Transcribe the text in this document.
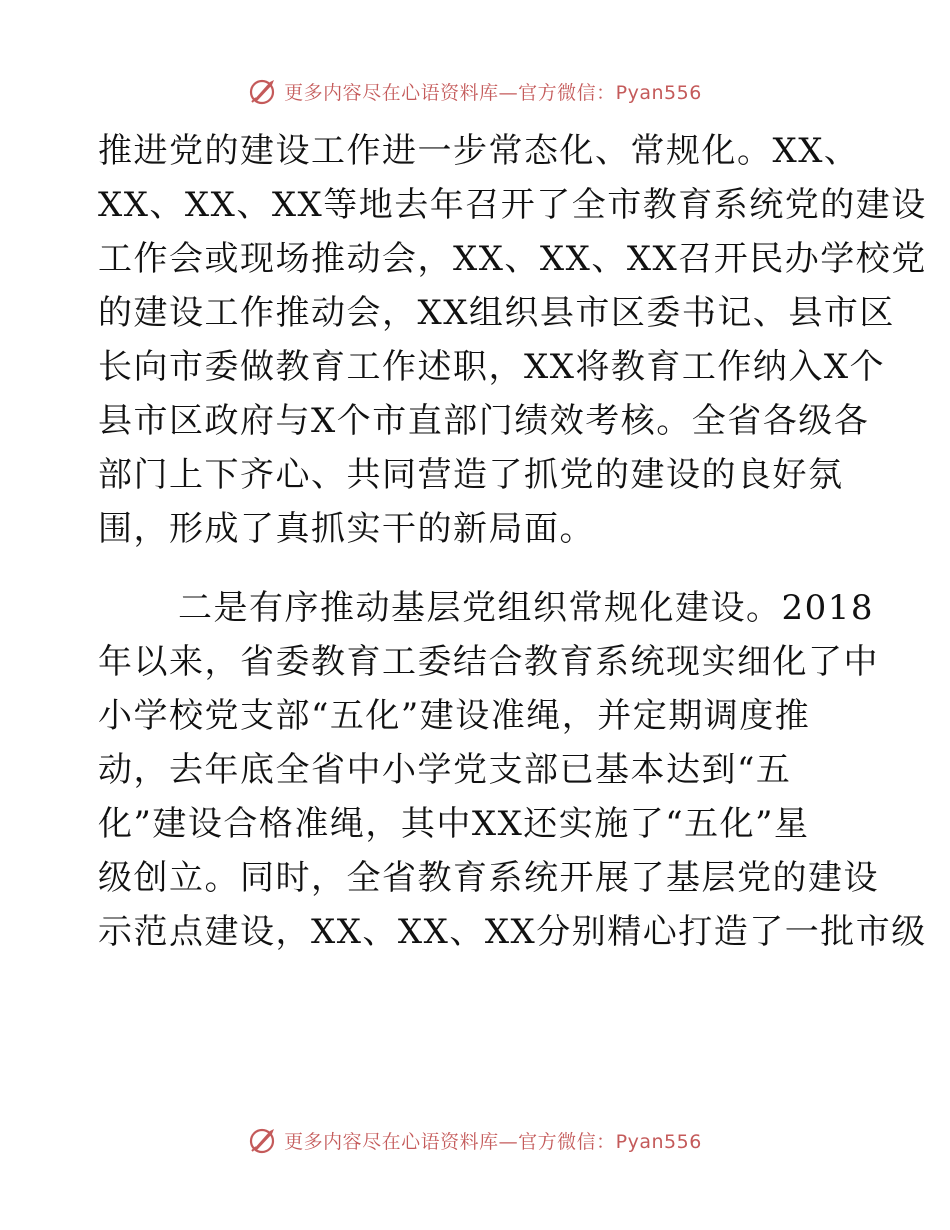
更多内容尽在心语资料库—官方微信：Pyan556
推进党的建设工作进一步常态化、常规化。XX、
XX、XX、XX等地去年召开了全市教育系统党的建设
工作会或现场推动会，XX、XX、XX召开民办学校党
的建设工作推动会，XX组织县市区委书记、县市区
长向市委做教育工作述职，XX将教育工作纳入X个
县市区政府与X个市直部门绩效考核。全省各级各
部门上下齐心、共同营造了抓党的建设的良好氛
围，形成了真抓实干的新局面。
二是有序推动基层党组织常规化建设。2018
年以来，省委教育工委结合教育系统现实细化了中
小学校党支部“五化”建设准绳，并定期调度推
动，去年底全省中小学党支部已基本达到“五
化”建设合格准绳，其中XX还实施了“五化”星
级创立。同时，全省教育系统开展了基层党的建设
示范点建设，XX、XX、XX分别精心打造了一批市级
更多内容尽在心语资料库—官方微信：Pyan556
